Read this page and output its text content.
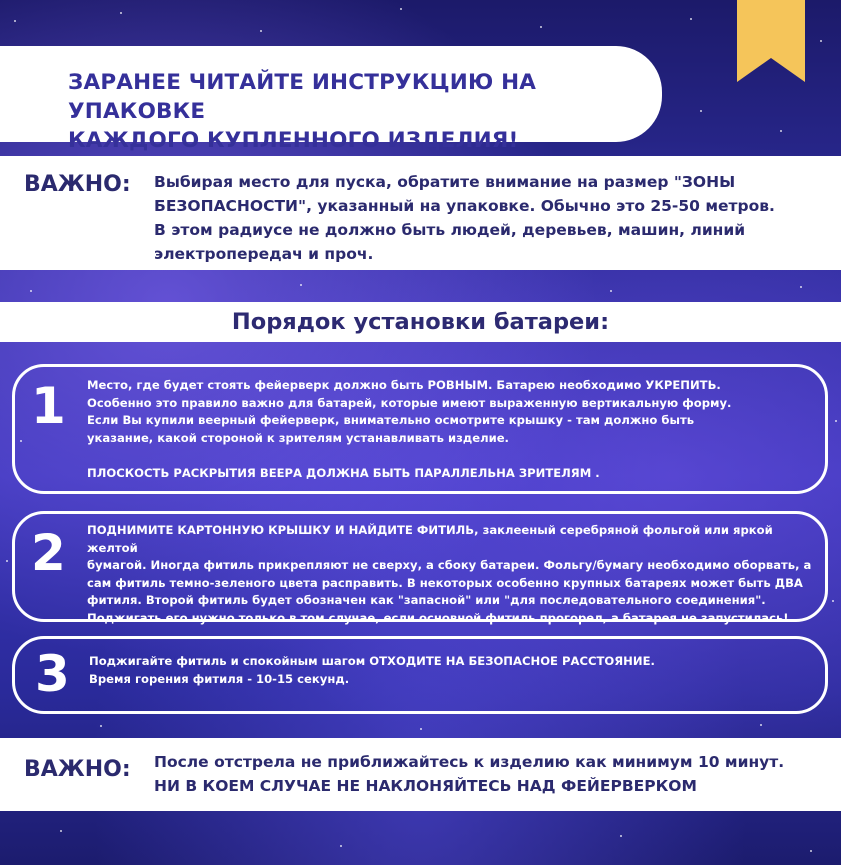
ЗАРАНЕЕ ЧИТАЙТЕ ИНСТРУКЦИЮ НА УПАКОВКЕ
КАЖДОГО КУПЛЕННОГО ИЗДЕЛИЯ!
ВАЖНО: Выбирая место для пуска, обратите внимание на размер "ЗОНЫ
БЕЗОПАСНОСТИ", указанный на упаковке. Обычно это 25-50 метров.
В этом радиусе не должно быть людей, деревьев, машин, линий
электропередач и проч.
Порядок установки батареи:
1 Место, где будет стоять фейерверк должно быть РОВНЫМ. Батарею необходимо УКРЕПИТЬ.

Особенно это правило важно для батарей, которые имеют выраженную вертикальную форму.

Если Вы купили веерный фейерверк, внимательно осмотрите крышку - там должно быть

указание, какой стороной к зрителям устанавливать изделие.

ПЛОСКОСТЬ РАСКРЫТИЯ ВЕЕРА ДОЛЖНА БЫТЬ ПАРАЛЛЕЛЬНА ЗРИТЕЛЯМ .

2 ПОДНИМИТЕ КАРТОННУЮ КРЫШКУ И НАЙДИТЕ ФИТИЛЬ, заклееный серебряной фольгой или яркой желтой

бумагой. Иногда фитиль прикрепляют не сверху, а сбоку батареи. Фольгу/бумагу необходимо оборвать, а

сам фитиль темно-зеленого цвета расправить. В некоторых особенно крупных батареях может быть ДВА

фитиля. Второй фитиль будет обозначен как "запасной" или "для последовательного соединения".

Поджигать его нужно только в том случае, если основной фитиль прогорел, а батарея не запустилась!

3 Поджигайте фитиль и спокойным шагом ОТХОДИТЕ НА БЕЗОПАСНОЕ РАССТОЯНИЕ.

Время горения фитиля - 10-15 секунд.

ВАЖНО: После отстрела не приближайтесь к изделию как минимум 10 минут.
НИ В КОЕМ СЛУЧАЕ НЕ НАКЛОНЯЙТЕСЬ НАД ФЕЙЕРВЕРКОМ
